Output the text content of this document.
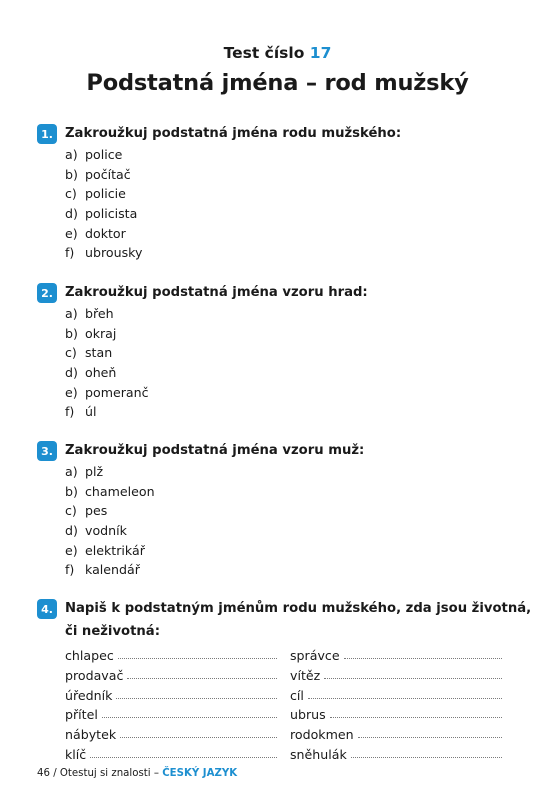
Test číslo 17
Podstatná jména – rod mužský
1. Zakroužkuj podstatná jména rodu mužského:
a) police
b) počítač
c) policie
d) policista
e) doktor
f) ubrousky
2. Zakroužkuj podstatná jména vzoru hrad:
a) břeh
b) okraj
c) stan
d) oheň
e) pomeranč
f) úl
3. Zakroužkuj podstatná jména vzoru muž:
a) plž
b) chameleon
c) pes
d) vodník
e) elektrikář
f) kalendář
4. Napiš k podstatným jménům rodu mužského, zda jsou životná,
či neživotná:
chlapec	správce
prodavač	vítěz
úředník	cíl
přítel	ubrus
nábytek	rodokmen
klíč	sněhulák
46 / Otestuj si znalosti – ČESKÝ JAZYK
